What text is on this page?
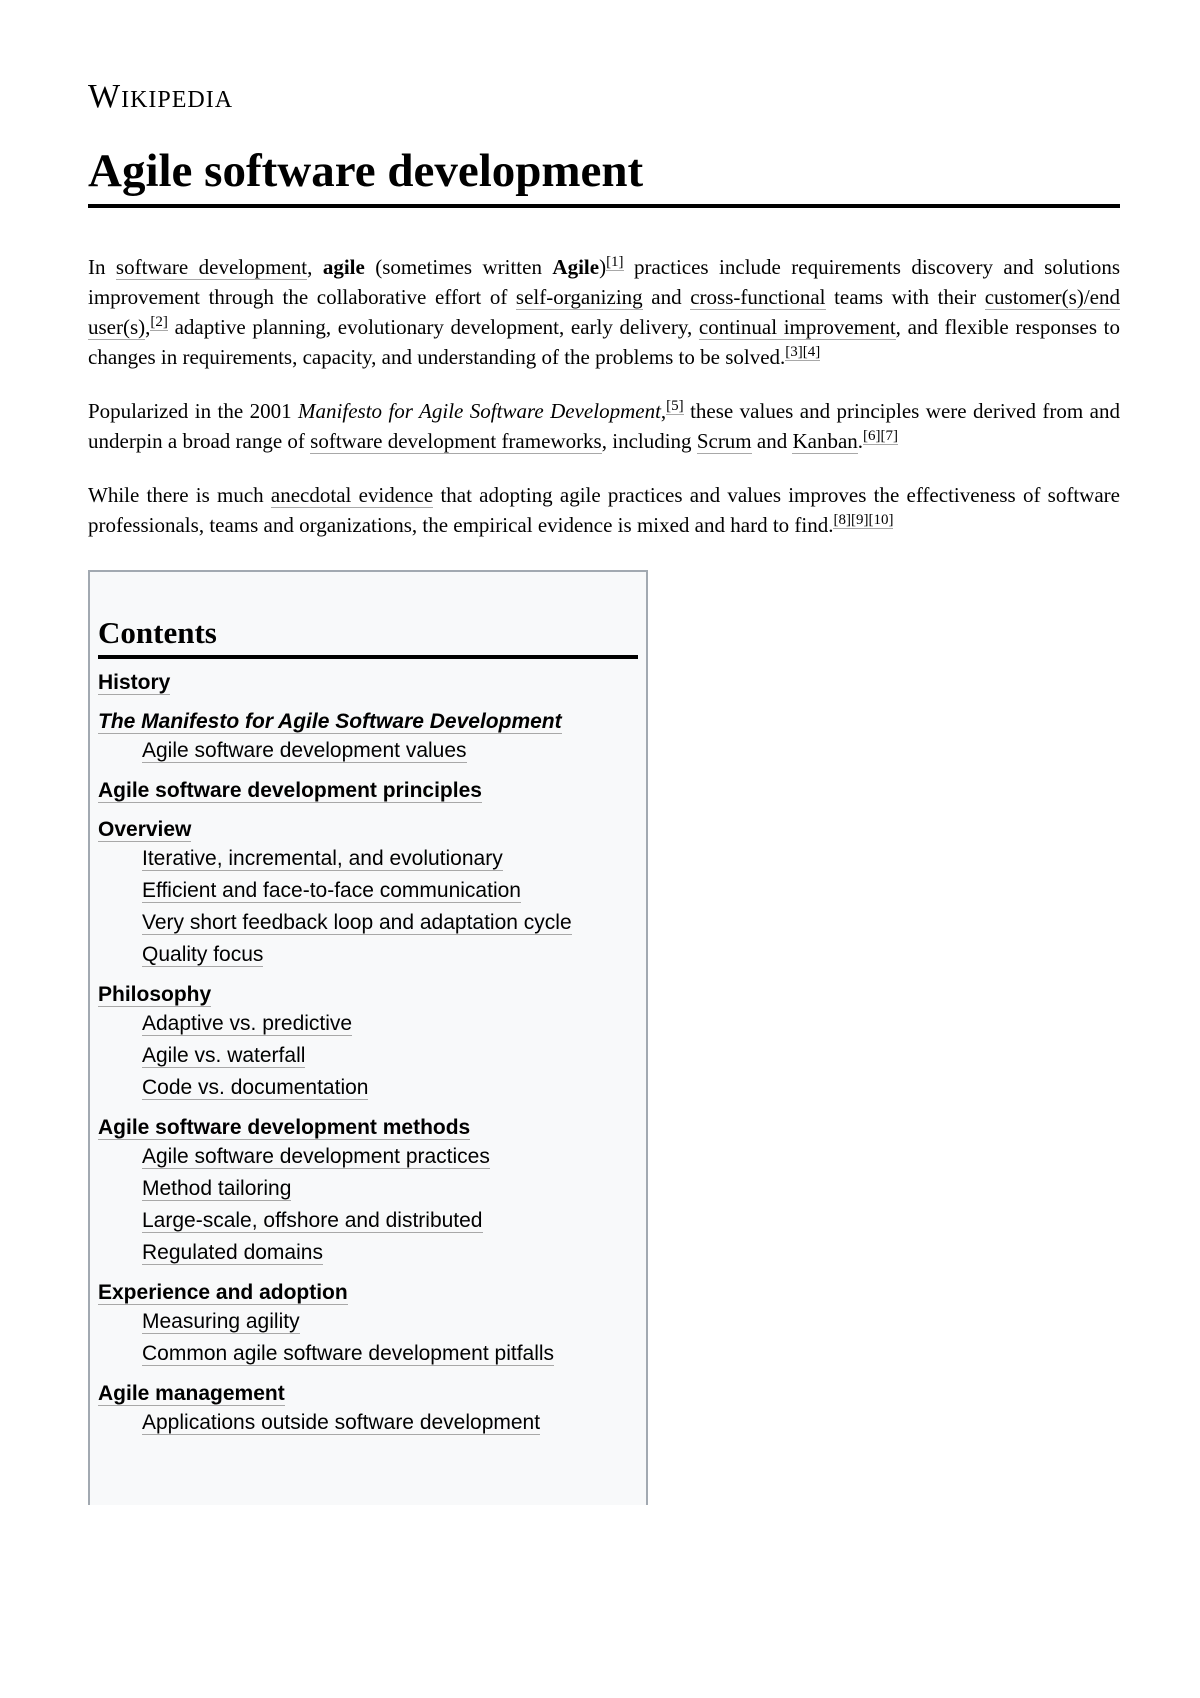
Wikipedia
Agile software development

In software development, agile (sometimes written Agile)[1] practices include requirements discovery and solutions improvement through the collaborative effort of self-organizing and cross-functional teams with their customer(s)/end user(s),[2] adaptive planning, evolutionary development, early delivery, continual improvement, and flexible responses to changes in requirements, capacity, and understanding of the problems to be solved.[3][4]

Popularized in the 2001 Manifesto for Agile Software Development,[5] these values and principles were derived from and underpin a broad range of software development frameworks, including Scrum and Kanban.[6][7]

While there is much anecdotal evidence that adopting agile practices and values improves the effectiveness of software professionals, teams and organizations, the empirical evidence is mixed and hard to find.[8][9][10]

Contents
History
The Manifesto for Agile Software Development
Agile software development values
Agile software development principles
Overview
Iterative, incremental, and evolutionary
Efficient and face-to-face communication
Very short feedback loop and adaptation cycle
Quality focus
Philosophy
Adaptive vs. predictive
Agile vs. waterfall
Code vs. documentation
Agile software development methods
Agile software development practices
Method tailoring
Large-scale, offshore and distributed
Regulated domains
Experience and adoption
Measuring agility
Common agile software development pitfalls
Agile management
Applications outside software development
